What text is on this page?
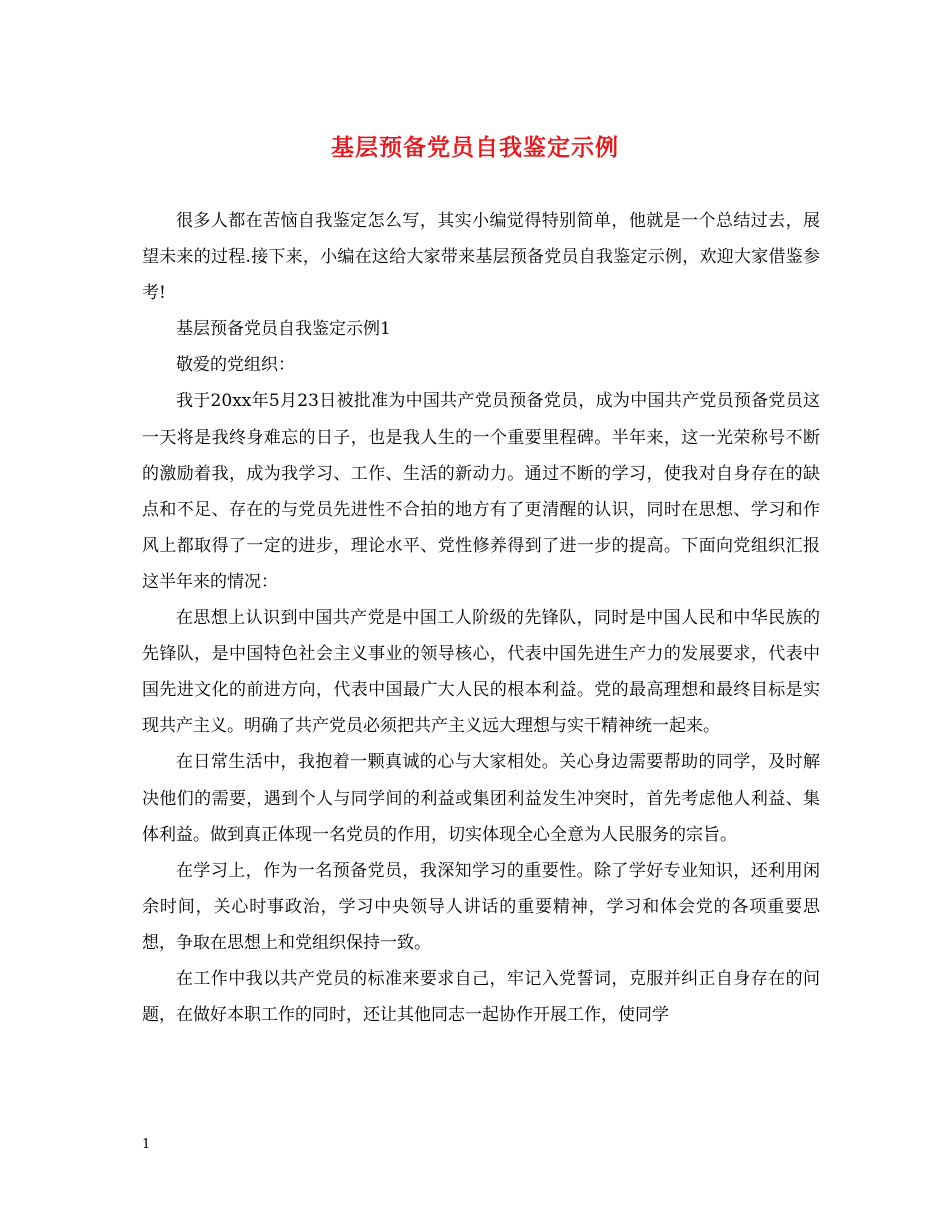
基层预备党员自我鉴定示例

很多人都在苦恼自我鉴定怎么写，其实小编觉得特别简单，他就是一个总结过去，展望未来的过程.接下来，小编在这给大家带来基层预备党员自我鉴定示例，欢迎大家借鉴参考!

基层预备党员自我鉴定示例1

敬爱的党组织：

我于20xx年5月23日被批准为中国共产党员预备党员，成为中国共产党员预备党员这一天将是我终身难忘的日子，也是我人生的一个重要里程碑。半年来，这一光荣称号不断的激励着我，成为我学习、工作、生活的新动力。通过不断的学习，使我对自身存在的缺点和不足、存在的与党员先进性不合拍的地方有了更清醒的认识，同时在思想、学习和作风上都取得了一定的进步，理论水平、党性修养得到了进一步的提高。下面向党组织汇报这半年来的情况：

在思想上认识到中国共产党是中国工人阶级的先锋队，同时是中国人民和中华民族的先锋队，是中国特色社会主义事业的领导核心，代表中国先进生产力的发展要求，代表中国先进文化的前进方向，代表中国最广大人民的根本利益。党的最高理想和最终目标是实现共产主义。明确了共产党员必须把共产主义远大理想与实干精神统一起来。

在日常生活中，我抱着一颗真诚的心与大家相处。关心身边需要帮助的同学，及时解决他们的需要，遇到个人与同学间的利益或集团利益发生冲突时，首先考虑他人利益、集体利益。做到真正体现一名党员的作用，切实体现全心全意为人民服务的宗旨。

在学习上，作为一名预备党员，我深知学习的重要性。除了学好专业知识，还利用闲余时间，关心时事政治，学习中央领导人讲话的重要精神，学习和体会党的各项重要思想，争取在思想上和党组织保持一致。

在工作中我以共产党员的标准来要求自己，牢记入党誓词，克服并纠正自身存在的问题，在做好本职工作的同时，还让其他同志一起协作开展工作，使同学

1
